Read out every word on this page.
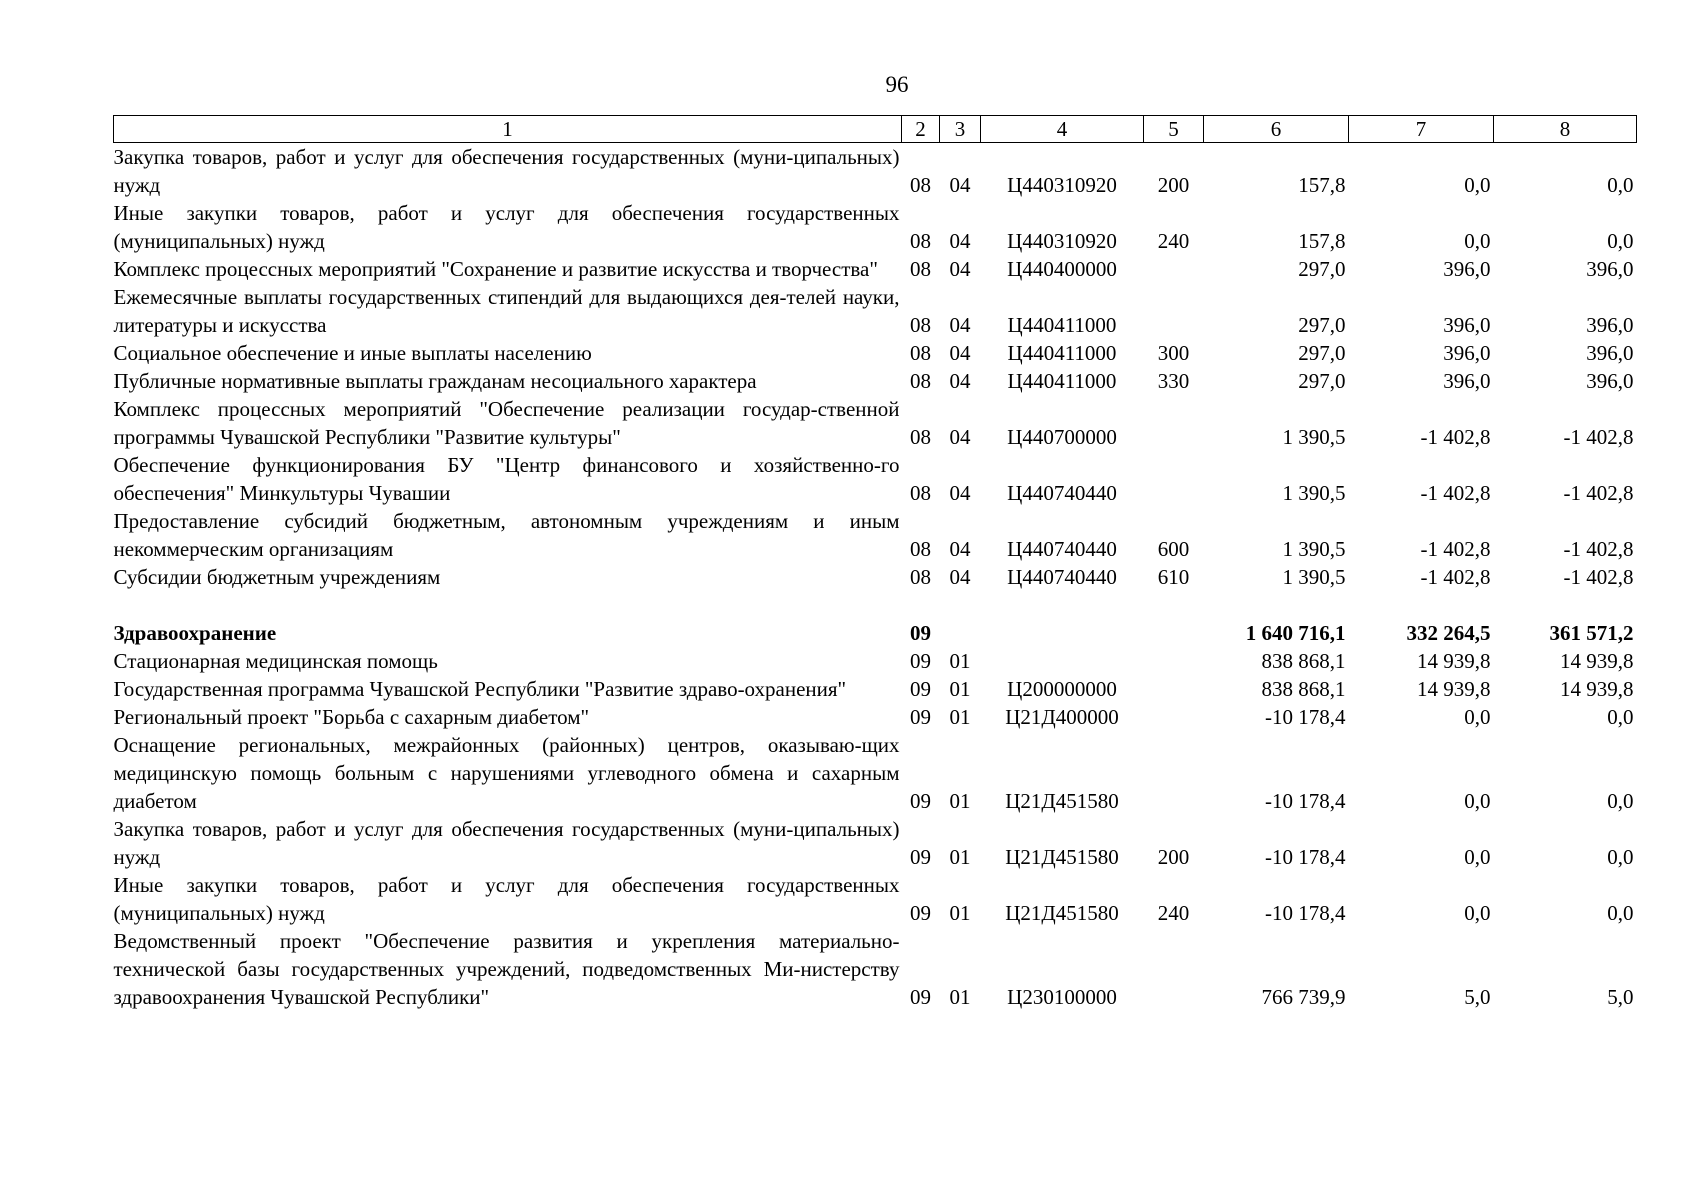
96
1	2	3	4	5	6	7	8
Закупка товаров, работ и услуг для обеспечения государственных (муни-ципальных) нужд	08	04	Ц440310920	200	157,8	0,0	0,0
Иные закупки товаров, работ и услуг для обеспечения государственных (муниципальных) нужд	08	04	Ц440310920	240	157,8	0,0	0,0
Комплекс процессных мероприятий "Сохранение и развитие искусства и творчества"	08	04	Ц440400000		297,0	396,0	396,0
Ежемесячные выплаты государственных стипендий для выдающихся дея-телей науки, литературы и искусства	08	04	Ц440411000		297,0	396,0	396,0
Социальное обеспечение и иные выплаты населению	08	04	Ц440411000	300	297,0	396,0	396,0
Публичные нормативные выплаты гражданам несоциального характера	08	04	Ц440411000	330	297,0	396,0	396,0
Комплекс процессных мероприятий "Обеспечение реализации государ-ственной программы Чувашской Республики "Развитие культуры"	08	04	Ц440700000		1 390,5	-1 402,8	-1 402,8
Обеспечение функционирования БУ "Центр финансового и хозяйственно-го обеспечения" Минкультуры Чувашии	08	04	Ц440740440		1 390,5	-1 402,8	-1 402,8
Предоставление субсидий бюджетным, автономным учреждениям и иным некоммерческим организациям	08	04	Ц440740440	600	1 390,5	-1 402,8	-1 402,8
Субсидии бюджетным учреждениям	08	04	Ц440740440	610	1 390,5	-1 402,8	-1 402,8

Здравоохранение	09				1 640 716,1	332 264,5	361 571,2
Стационарная медицинская помощь	09	01			838 868,1	14 939,8	14 939,8
Государственная программа Чувашской Республики "Развитие здраво-охранения"	09	01	Ц200000000		838 868,1	14 939,8	14 939,8
Региональный проект "Борьба с сахарным диабетом"	09	01	Ц21Д400000		-10 178,4	0,0	0,0
Оснащение региональных, межрайонных (районных) центров, оказываю-щих медицинскую помощь больным с нарушениями углеводного обмена и сахарным диабетом	09	01	Ц21Д451580		-10 178,4	0,0	0,0
Закупка товаров, работ и услуг для обеспечения государственных (муни-ципальных) нужд	09	01	Ц21Д451580	200	-10 178,4	0,0	0,0
Иные закупки товаров, работ и услуг для обеспечения государственных (муниципальных) нужд	09	01	Ц21Д451580	240	-10 178,4	0,0	0,0
Ведомственный проект "Обеспечение развития и укрепления материально-технической базы государственных учреждений, подведомственных Ми-нистерству здравоохранения Чувашской Республики"	09	01	Ц230100000		766 739,9	5,0	5,0
